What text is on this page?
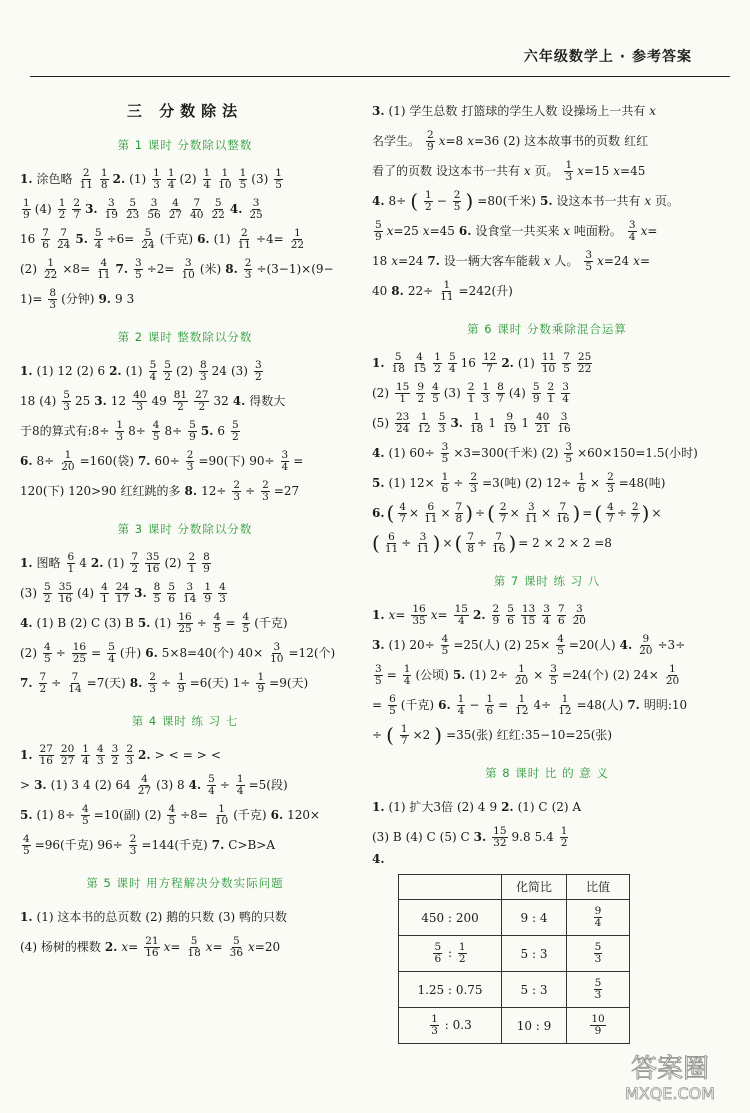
六年级数学上 · 参考答案
三 分数除法
第 1 课时 分数除以整数
1. 涂色略 $\frac{2}{11} \frac{1}{8} 2$. $(1) \frac{1}{3} \frac{1}{4} (2) \frac{1}{4} \frac{1}{10} \frac{1}{5} (3) \frac{1}{5}$
$\frac{1}{9} (4) \frac{1}{2} \frac{2}{7} 3$. $\frac{3}{19} \frac{5}{23} \frac{3}{56} \frac{4}{27} \frac{7}{40} \frac{5}{22} 4$. $\frac{3}{25}$
$16 \frac{7}{6} \frac{7}{24} 5$. $\frac{5}{4} \div 6= \frac{5}{24}$ (千克) 6. $(1) \frac{2}{11} \div 4= \frac{1}{22}$
$(2) \frac{1}{22} \times 8= \frac{4}{11} 7$. $\frac{3}{5} \div 2= \frac{3}{10}$ (米) 8. $\frac{2}{3} \div(3-1)\times(9-$
$1)= \frac{8}{3}$ (分钟) 9. 9 3
第 2 课时 整数除以分数
1. (1) 12 (2) 6 2. $(1) \frac{5}{4} \frac{5}{2} (2) \frac{8}{3} 24$ $(3) \frac{3}{2}$
18 $(4) \frac{5}{3} 25$ 3. $12 \frac{40}{3} 49 \frac{81}{2} \frac{27}{2} 32$ 4. 得数大
于8的算式有:8÷ $\frac{1}{3} 8\div \frac{4}{5} 8\div \frac{5}{9} 5$. $6 \frac{5}{2}$
6. $8\div \frac{1}{20} =160$(袋) 7. $60\div \frac{2}{3} =90$(下) $90\div \frac{3}{4}$ =
120(下) 120>90 红红跳的多 8. $12\div \frac{2}{3} \div \frac{2}{3} =27$
第 3 课时 分数除以分数
1. 图略 $\frac{6}{1} 4$ 2. $(1) \frac{7}{2} \frac{35}{16} (2) \frac{2}{1} \frac{8}{9}$
$(3) \frac{5}{2} \frac{35}{16} (4) \frac{4}{1} \frac{24}{17} 3$. $\frac{8}{5} \frac{5}{6} \frac{3}{14} \frac{1}{9} \frac{4}{3}$
4. (1) B (2) C (3) B 5. $(1) \frac{16}{25} \div \frac{4}{5} = \frac{4}{5}$ (千克)
$(2) \frac{4}{5} \div \frac{16}{25} = \frac{5}{4}$ (升) 6. 5×8=40(个) $40\times \frac{3}{10} =12$(个)
7. $\frac{7}{2} \div \frac{7}{14} =7$(天) 8. $\frac{2}{3} \div \frac{1}{9} =6$(天) $1\div \frac{1}{9} =9$(天)
第 4 课时 练 习 七
1. $\frac{27}{16} \frac{20}{27} \frac{1}{4} \frac{4}{3} \frac{3}{2} \frac{2}{3} 2$. > < = > <
> 3. (1) 3 4 (2) $64 \frac{4}{27} (3)$ 8 4. $\frac{5}{4} \div \frac{1}{4} =5$(段)
5. (1) $8\div \frac{4}{5} =10$(副) $(2) \frac{4}{5} \div 8= \frac{1}{10}$ (千克) 6. 120×
$\frac{4}{5} =96$(千克) $96\div \frac{2}{3} =144$(千克) 7. C>B>A
第 5 课时 用方程解决分数实际问题
1. (1) 这本书的总页数 (2) 鹅的只数 (3) 鸭的只数
(4) 杨树的棵数 2. $x= \frac{21}{16} x= \frac{5}{18} x= \frac{5}{36} x=20$
3. (1) 学生总数 打篮球的学生人数 设操场上一共有 x
名学生。 $\frac{2}{9} x=8$ x=36 (2) 这本故事书的页数 红红
看了的页数 设这本书一共有 x 页。 $\frac{1}{3} x=15$ x=45
4. 8÷ ( $\frac{1}{2} - \frac{2}{5}$ ) =80(千米) 5. 设这本书一共有 x 页。
$\frac{5}{9} x=25$ x=45 6. 设食堂一共买来 x 吨面粉。 $\frac{3}{4} x=$
18 x=24 7. 设一辆大客车能载 x 人。 $\frac{3}{5} x=24$ x=
40 8. $22\div \frac{1}{11} =242$(升)
第 6 课时 分数乘除混合运算
1. $\frac{5}{18} \frac{4}{15} \frac{1}{2} \frac{5}{4} 16 \frac{12}{7} 2$. $(1) \frac{11}{10} \frac{7}{5} \frac{25}{22}$
$(2) \frac{15}{1} \frac{9}{2} \frac{4}{5} (3) \frac{2}{1} \frac{1}{3} \frac{8}{7} (4) \frac{5}{9} \frac{2}{1} \frac{3}{4}$
$(5) \frac{23}{24} \frac{1}{12} \frac{5}{3} 3$. $\frac{1}{18} 1 \frac{9}{19} 1 \frac{40}{21} \frac{3}{16}$
4. (1) $60\div \frac{3}{5} \times 3=300$(千米) $(2) \frac{3}{5} \times 60\times 150=1.5$(小时)
5. (1) $12\times \frac{1}{6} \div \frac{2}{3} =3$(吨) (2) $12\div \frac{1}{6} \times \frac{2}{3} =48$(吨)
6. ( $\frac{4}{7} \times \frac{6}{11} \times \frac{7}{8}$ ) ÷ ( $\frac{2}{7} \times \frac{3}{11} \times \frac{7}{16}$ ) = ( $\frac{4}{7} \div \frac{2}{7}$ ) ×
( $\frac{6}{11} \div \frac{3}{11}$ ) × ( $\frac{7}{8} \div \frac{7}{16}$ ) = 2 × 2 × 2 =8
第 7 课时 练 习 八
1. $x= \frac{16}{35} x= \frac{15}{4} 2$. $\frac{2}{9} \frac{5}{6} \frac{13}{15} \frac{3}{4} \frac{7}{6} \frac{3}{20}$
3. (1) $20\div \frac{4}{5} =25$(人) (2) $25\times \frac{4}{5} =20$(人) 4. $\frac{9}{20} \div 3\div$
$\frac{3}{5} = \frac{1}{4}$ (公顷) 5. (1) $2\div \frac{1}{20} \times \frac{3}{5} =24$(个) (2) $24\times \frac{1}{20}$
= $\frac{6}{5}$ (千克) 6. $\frac{1}{4} - \frac{1}{6} = \frac{1}{12} 4\div \frac{1}{12} =48$(人) 7. 明明:10
÷ ( $\frac{1}{7} \times 2$ ) =35(张) 红红:35−10=25(张)
第 8 课时 比 的 意 义
1. (1) 扩大3倍 (2) 4 9 2. (1) C (2) A
(3) B (4) C (5) C 3. $\frac{15}{32} 9.8$ $5.4 \frac{1}{2}$
4.
	化简比	比值
450 : 200	9 : 4	$\frac{9}{4}$

$\frac{5}{6}$ : $\frac{1}{2}$	5 : 3	$\frac{5}{3}$

1.25 : 0.75	5 : 3	$\frac{5}{3}$

$\frac{1}{3}$ : 0.3	10 : 9	$\frac{10}{9}$
答案圈
MXQE.COM
